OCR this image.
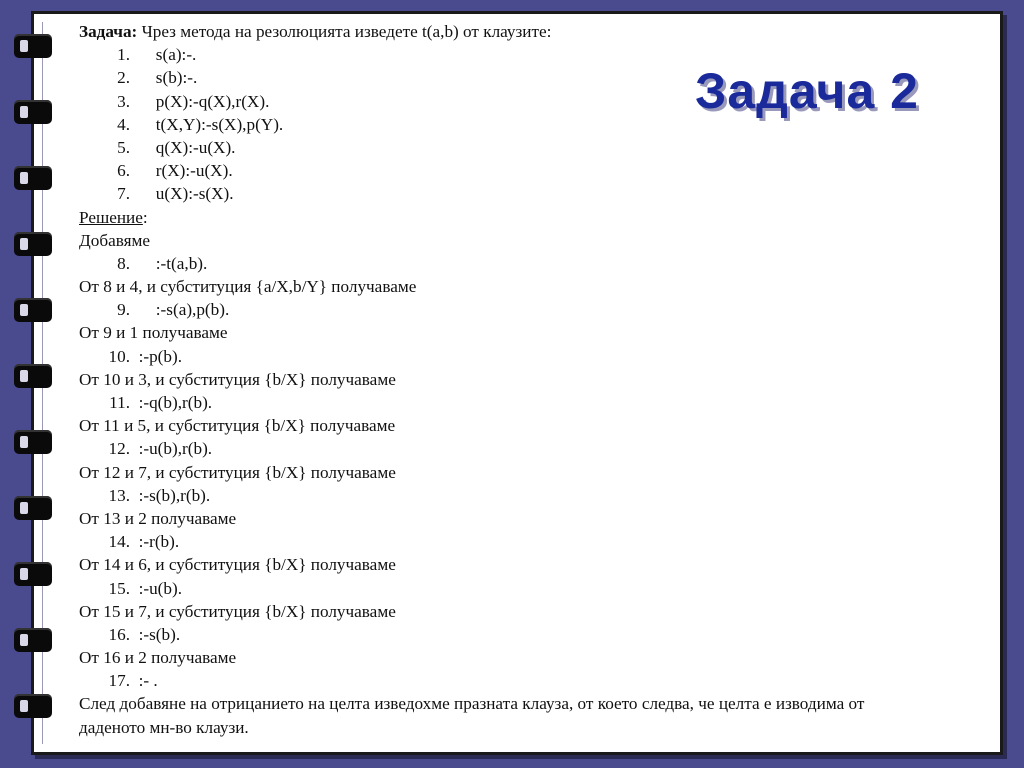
Задача 2
Задача: Чрез метода на резолюцията изведете t(a,b) от клаузите:
1. s(a):-.
2. s(b):-.
3. p(X):-q(X),r(X).
4. t(X,Y):-s(X),p(Y).
5. q(X):-u(X).
6. r(X):-u(X).
7. u(X):-s(X).
Решение:
Добавяме
8. :-t(a,b).
От 8 и 4, и субституция {a/X,b/Y} получаваме
9. :-s(a),p(b).
От 9 и 1 получаваме
10. :-p(b).
От 10 и 3, и субституция {b/X} получаваме
11. :-q(b),r(b).
От 11 и 5, и субституция {b/X} получаваме
12. :-u(b),r(b).
От 12 и 7, и субституция {b/X} получаваме
13. :-s(b),r(b).
От 13 и 2 получаваме
14. :-r(b).
От 14 и 6, и субституция {b/X} получаваме
15. :-u(b).
От 15 и 7, и субституция {b/X} получаваме
16. :-s(b).
От 16 и 2 получаваме
17. :- .
След добавяне на отрицанието на целта изведохме празната клауза, от което следва, че целта е изводима от даденото мн-во клаузи.
